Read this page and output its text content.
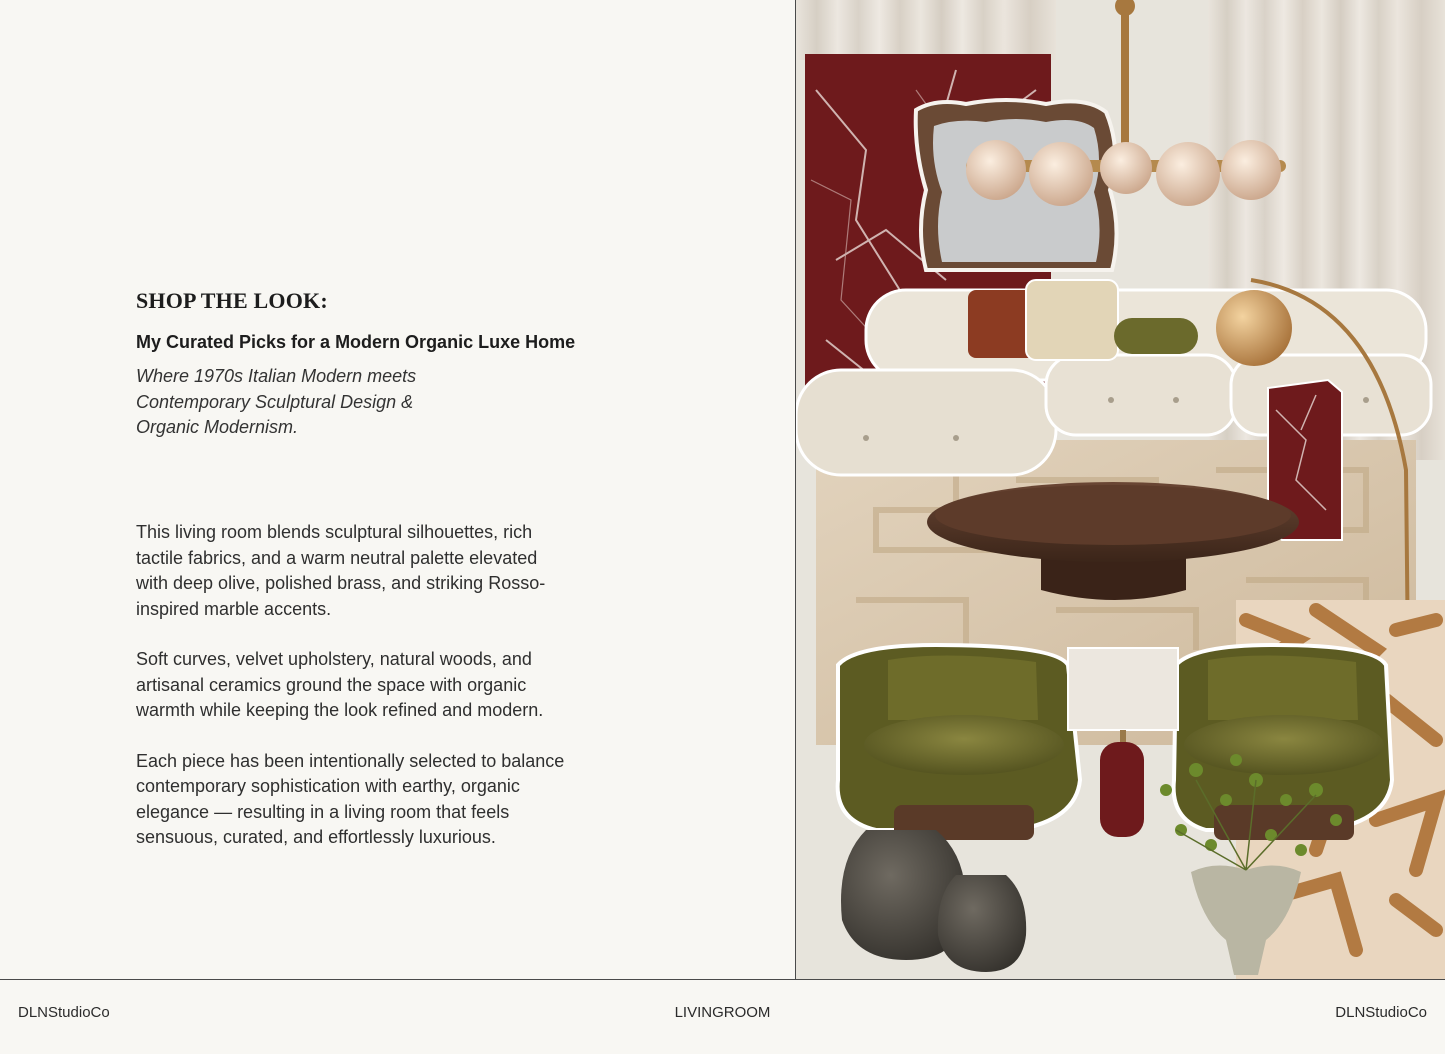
SHOP THE LOOK:

My Curated Picks for a Modern Organic Luxe Home

Where 1970s Italian Modern meets Contemporary Sculptural Design & Organic Modernism.

This living room blends sculptural silhouettes, rich tactile fabrics, and a warm neutral palette elevated with deep olive, polished brass, and striking Rosso-inspired marble accents.

Soft curves, velvet upholstery, natural woods, and artisanal ceramics ground the space with organic warmth while keeping the look refined and modern.

Each piece has been intentionally selected to balance contemporary sophistication with earthy, organic elegance — resulting in a living room that feels sensuous, curated, and effortlessly luxurious.

DLNStudioCo	LIVINGROOM	DLNStudioCo
